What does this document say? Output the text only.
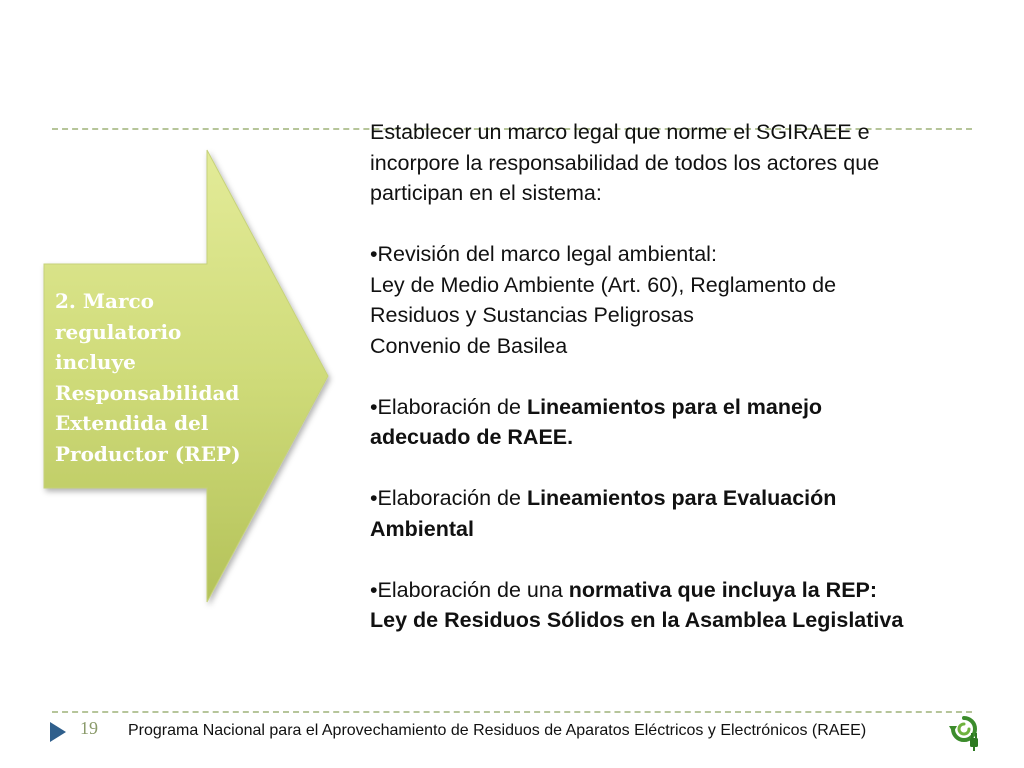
2. Marco
regulatorio
incluye
Responsabilidad
Extendida del
Productor (REP)

Establecer un marco legal que norme el SGIRAEE e incorpore la responsabilidad de todos los actores que participan en el sistema:

•Revisión del marco legal ambiental:

Ley de Medio Ambiente (Art. 60), Reglamento de Residuos y Sustancias Peligrosas

Convenio de Basilea

•Elaboración de Lineamientos para el manejo adecuado de RAEE.

•Elaboración de Lineamientos para Evaluación Ambiental

•Elaboración de una normativa que incluya la REP: Ley de Residuos Sólidos en la Asamblea Legislativa

19 Programa Nacional para el Aprovechamiento de Residuos de Aparatos Eléctricos y Electrónicos (RAEE)
